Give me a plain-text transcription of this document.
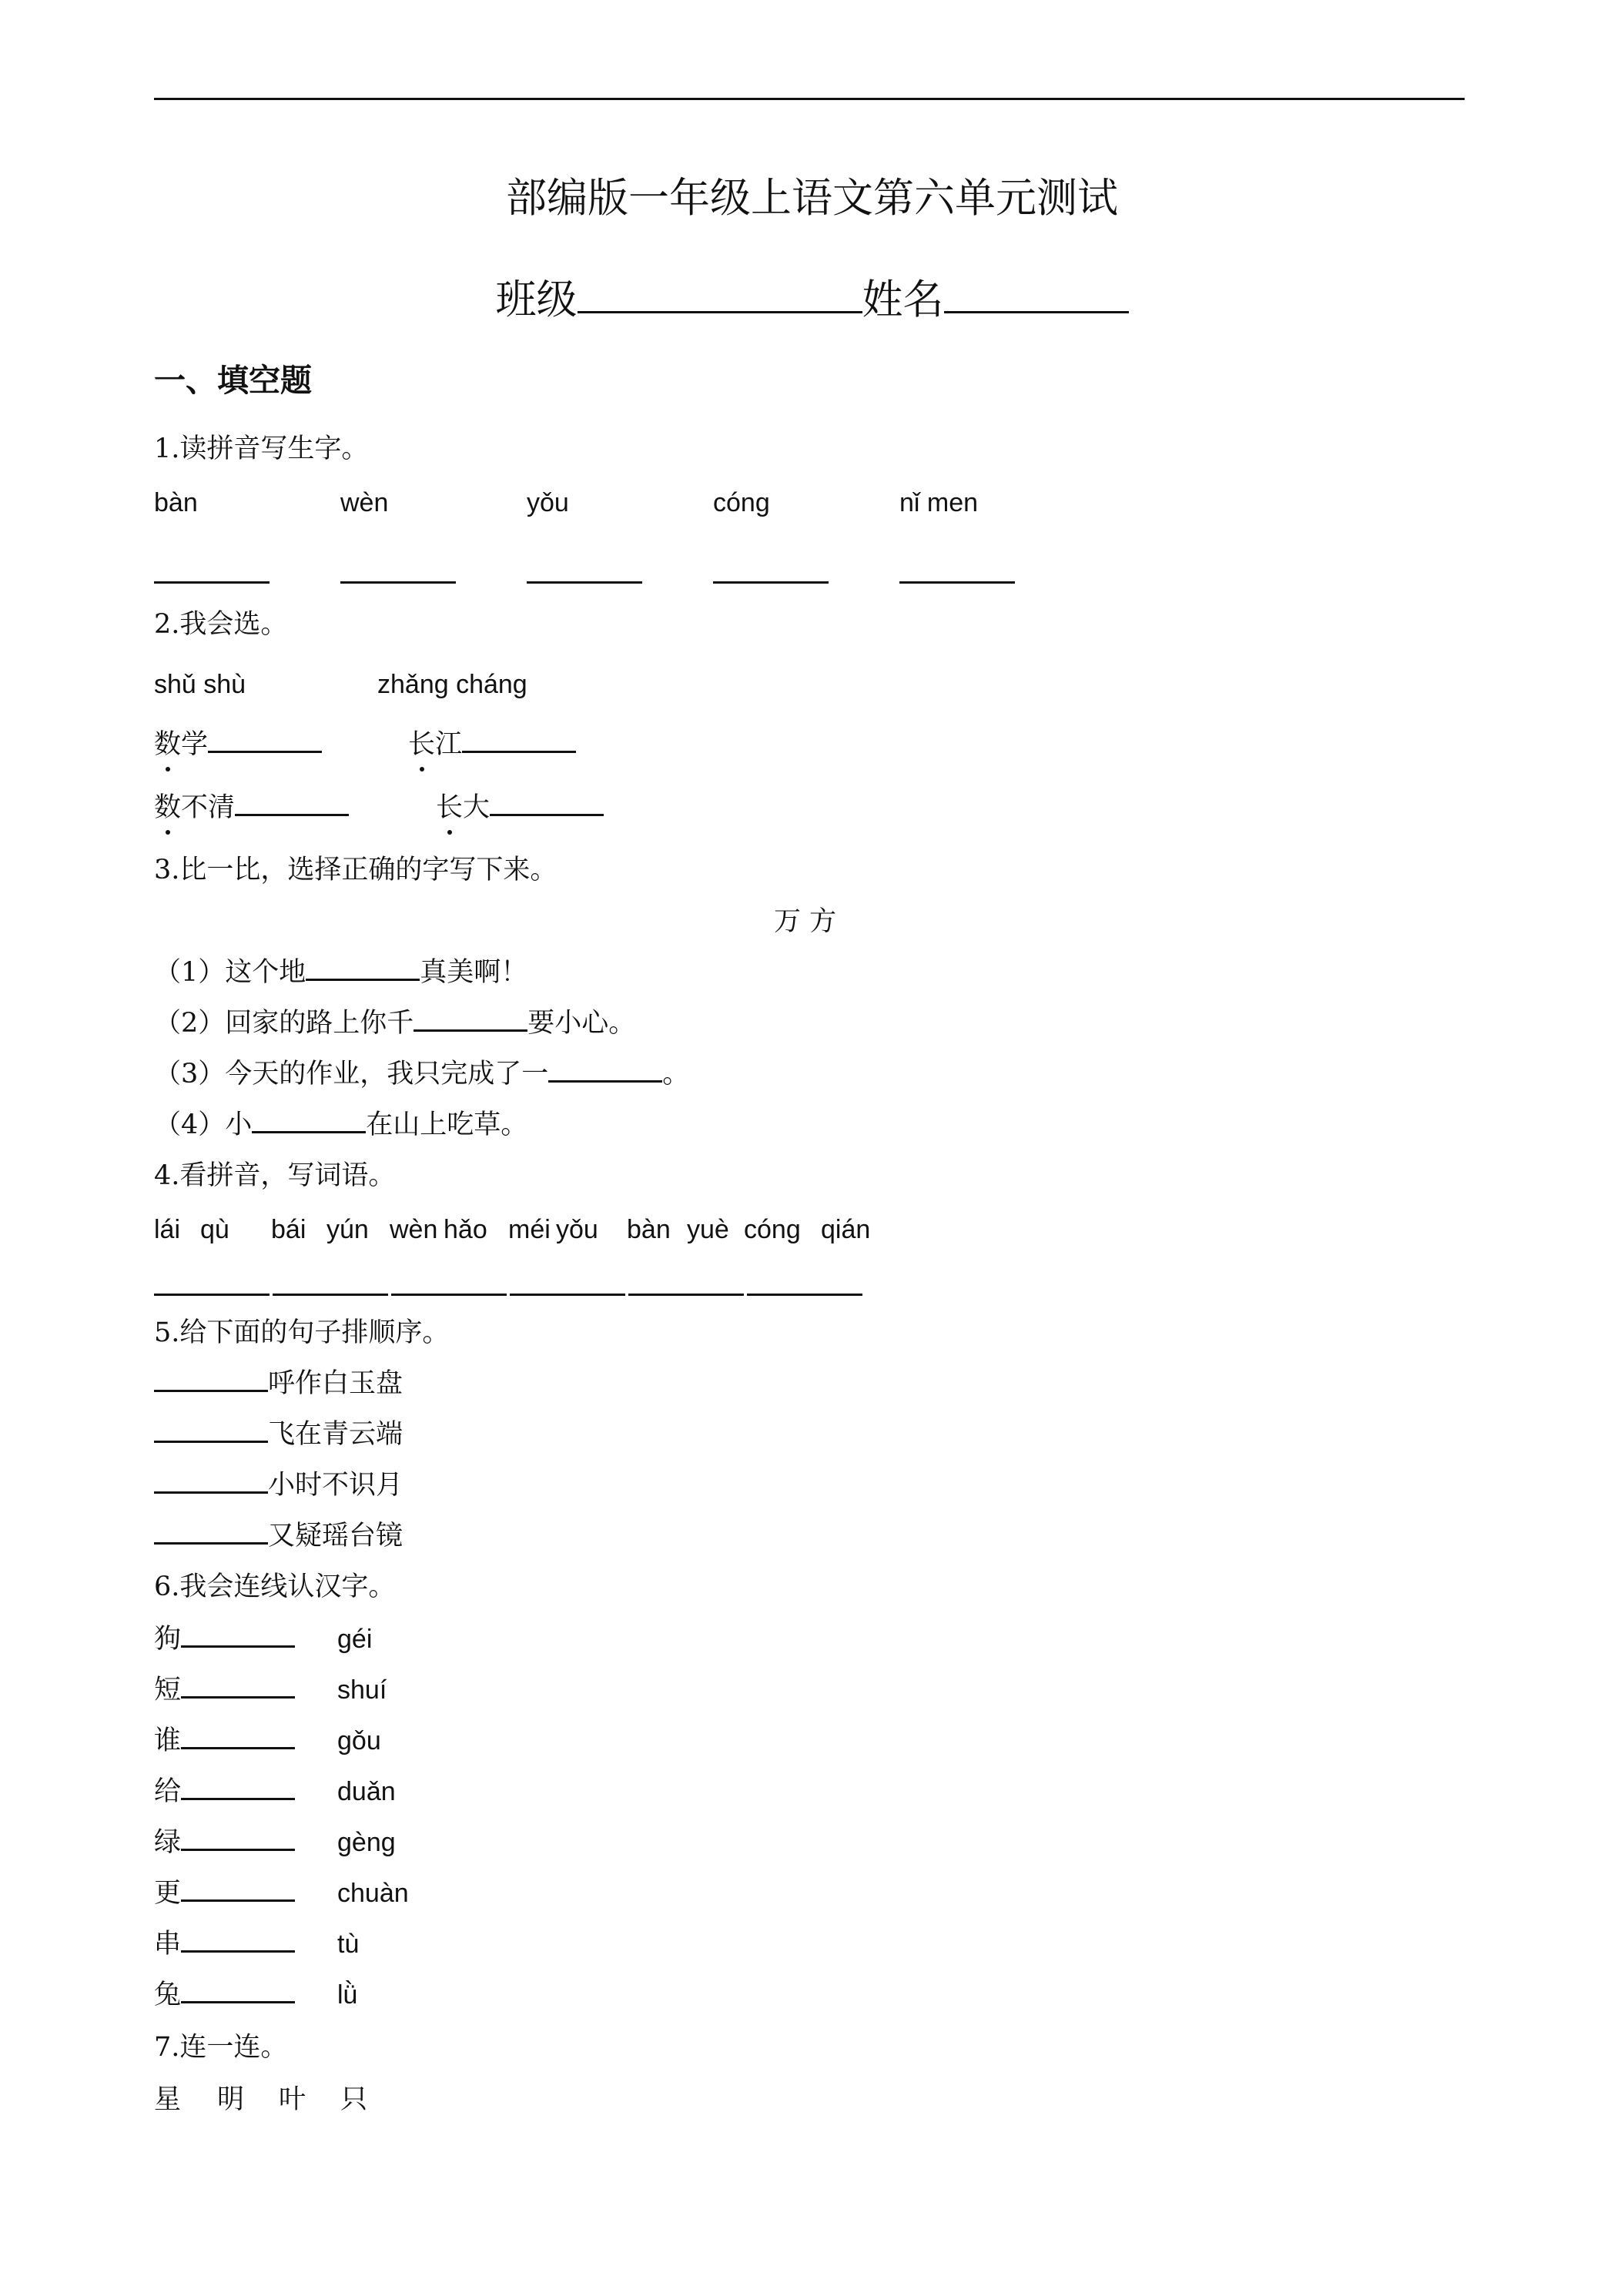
部编版一年级上语文第六单元测试
班级	姓名
一、填空题
1.读拼音写生字。
bàn	wèn	yǒu	cóng	nǐ men
2.我会选。
shǔ shù	zhǎng cháng
数学	长江
数不清	长大
3.比一比，选择正确的字写下来。
万 方
（1）这个地	真美啊！
（2）回家的路上你千	要小心。
（3）今天的作业，我只完成了一	。
（4）小	在山上吃草。
4.看拼音，写词语。
lái qù bái yún wèn hǎo méi yǒu bàn yuè cóng qián
5.给下面的句子排顺序。
呼作白玉盘
飞在青云端
小时不识月
又疑瑶台镜
6.我会连线认汉字。
狗	géi
短	shuí
谁	gǒu
给	duǎn
绿	gèng
更	chuàn
串	tù
兔	lǜ
7.连一连。
星 明 叶 只
